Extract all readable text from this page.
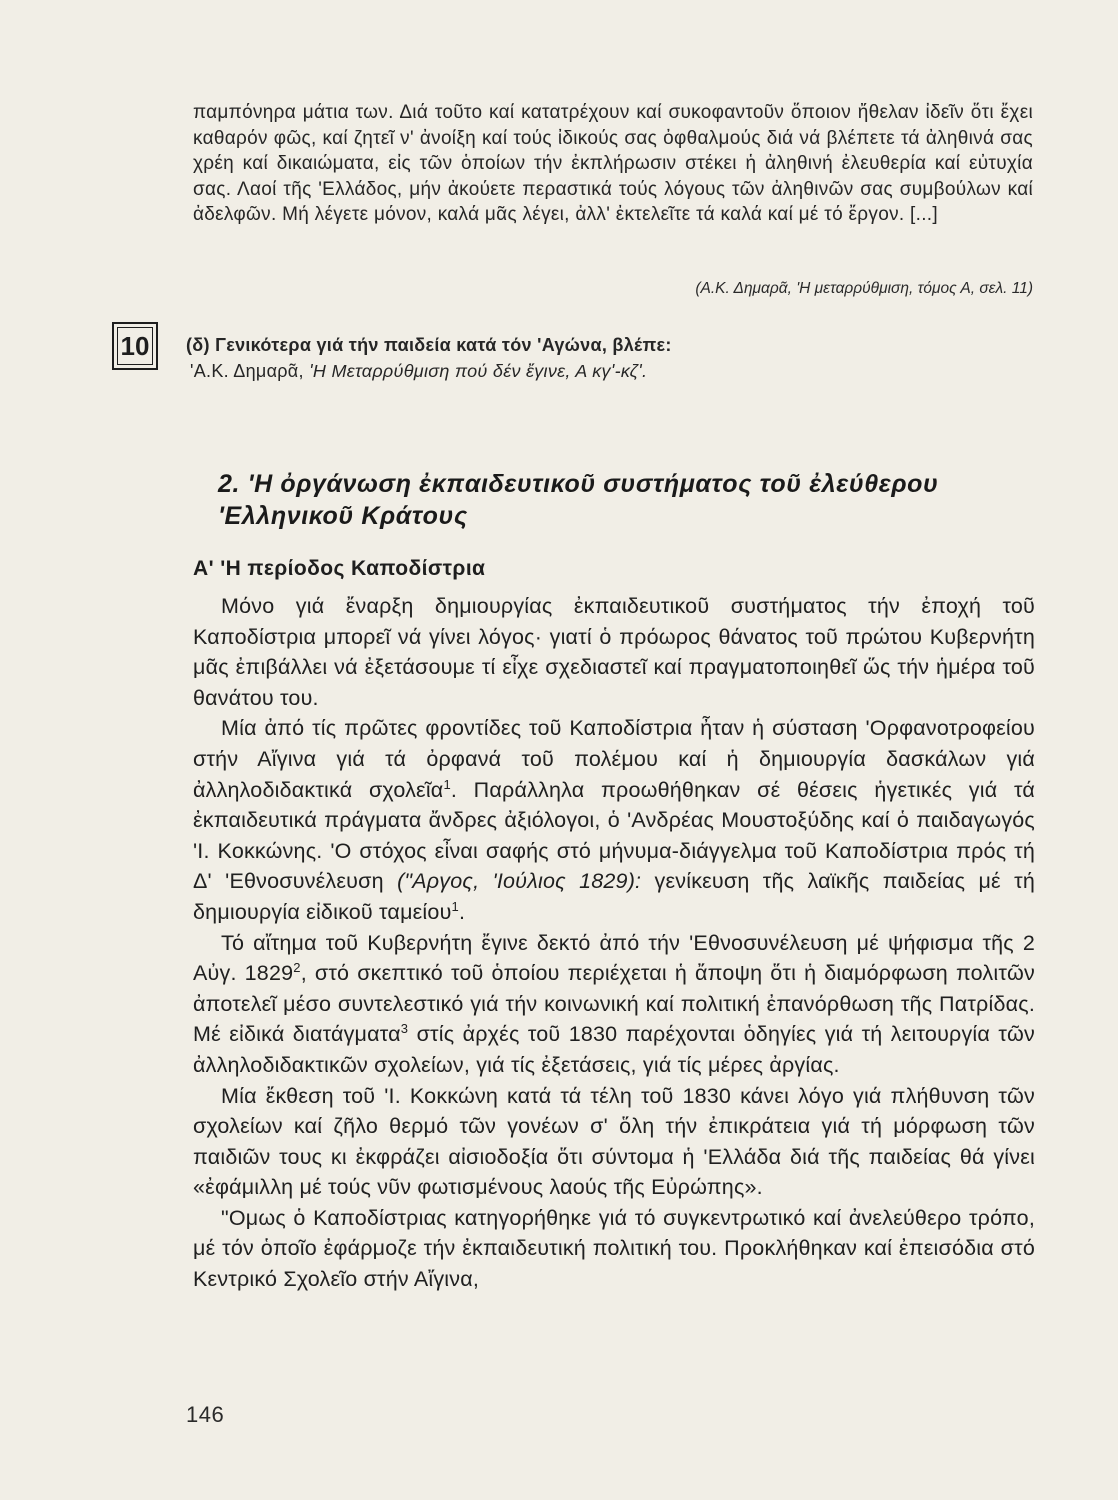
παμπόνηρα μάτια των. Διά τοῦτο καί κατατρέχουν καί συκοφαντοῦν ὅποιον ἤθελαν ἰδεῖν ὅτι ἔχει καθαρόν φῶς, καί ζητεῖ ν' ἀνοίξη καί τούς ἰδικούς σας ὀφθαλμούς διά νά βλέπετε τά ἀληθινά σας χρέη καί δικαιώματα, εἰς τῶν ὁποίων τήν ἐκπλήρωσιν στέκει ἡ ἀληθινή ἐλευθερία καί εὐτυχία σας. Λαοί τῆς 'Ελλάδος, μήν ἀκούετε περαστικά τούς λόγους τῶν ἀληθινῶν σας συμβούλων καί ἀδελφῶν. Μή λέγετε μόνον, καλά μᾶς λέγει, ἀλλ' ἐκτελεῖτε τά καλά καί μέ τό ἔργον. [...]
(Α.Κ. Δημαρᾶ, 'Η μεταρρύθμιση, τόμος Α, σελ. 11)
10 (δ) Γενικότερα γιά τήν παιδεία κατά τόν 'Αγώνα, βλέπε:
'Α.Κ. Δημαρᾶ, 'Η Μεταρρύθμιση πού δέν ἔγινε, Α κγ'-κζ'.
2. 'Η ὀργάνωση ἐκπαιδευτικοῦ συστήματος τοῦ ἐλεύθερου 'Ελληνικοῦ Κράτους
Α' 'Η περίοδος Καποδίστρια

Μόνο γιά ἔναρξη δημιουργίας ἐκπαιδευτικοῦ συστήματος τήν ἐποχή τοῦ Καποδίστρια μπορεῖ νά γίνει λόγος· γιατί ὁ πρόωρος θάνατος τοῦ πρώτου Κυβερνήτη μᾶς ἐπιβάλλει νά ἐξετάσουμε τί εἶχε σχεδιαστεῖ καί πραγματοποιηθεῖ ὥς τήν ἡμέρα τοῦ θανάτου του.

Μία ἀπό τίς πρῶτες φροντίδες τοῦ Καποδίστρια ἦταν ἡ σύσταση 'Ορφανοτροφείου στήν Αἴγινα γιά τά ὀρφανά τοῦ πολέμου καί ἡ δημιουργία δασκάλων γιά ἀλληλοδιδακτικά σχολεῖα$^1$. Παράλληλα προωθήθηκαν σέ θέσεις ἡγετικές γιά τά ἐκπαιδευτικά πράγματα ἄνδρες ἀξιόλογοι, ὁ 'Ανδρέας Μουστοξύδης καί ὁ παιδαγωγός 'Ι. Κοκκώνης. 'Ο στόχος εἶναι σαφής στό μήνυμα-διάγγελμα τοῦ Καποδίστρια πρός τή Δ' 'Εθνοσυνέλευση ("Αργος, 'Ιούλιος 1829): γενίκευση τῆς λαϊκῆς παιδείας μέ τή δημιουργία εἰδικοῦ ταμείου$^1$.

Τό αἴτημα τοῦ Κυβερνήτη ἔγινε δεκτό ἀπό τήν 'Εθνοσυνέλευση μέ ψήφισμα τῆς 2 Αὐγ. 1829$^2$, στό σκεπτικό τοῦ ὁποίου περιέχεται ἡ ἄποψη ὅτι ἡ διαμόρφωση πολιτῶν ἀποτελεῖ μέσο συντελεστικό γιά τήν κοινωνική καί πολιτική ἐπανόρθωση τῆς Πατρίδας. Μέ εἰδικά διατάγματα$^3$ στίς ἀρχές τοῦ 1830 παρέχονται ὁδηγίες γιά τή λειτουργία τῶν ἀλληλοδιδακτικῶν σχολείων, γιά τίς ἐξετάσεις, γιά τίς μέρες ἀργίας.

Μία ἔκθεση τοῦ 'Ι. Κοκκώνη κατά τά τέλη τοῦ 1830 κάνει λόγο γιά πλήθυνση τῶν σχολείων καί ζῆλο θερμό τῶν γονέων σ' ὅλη τήν ἐπικράτεια γιά τή μόρφωση τῶν παιδιῶν τους κι ἐκφράζει αἰσιοδοξία ὅτι σύντομα ἡ 'Ελλάδα διά τῆς παιδείας θά γίνει «ἐφάμιλλη μέ τούς νῦν φωτισμένους λαούς τῆς Εὐρώπης».

"Ομως ὁ Καποδίστριας κατηγορήθηκε γιά τό συγκεντρωτικό καί ἀνελεύθερο τρόπο, μέ τόν ὁποῖο ἐφάρμοζε τήν ἐκπαιδευτική πολιτική του. Προκλήθηκαν καί ἐπεισόδια στό Κεντρικό Σχολεῖο στήν Αἴγινα,

146
